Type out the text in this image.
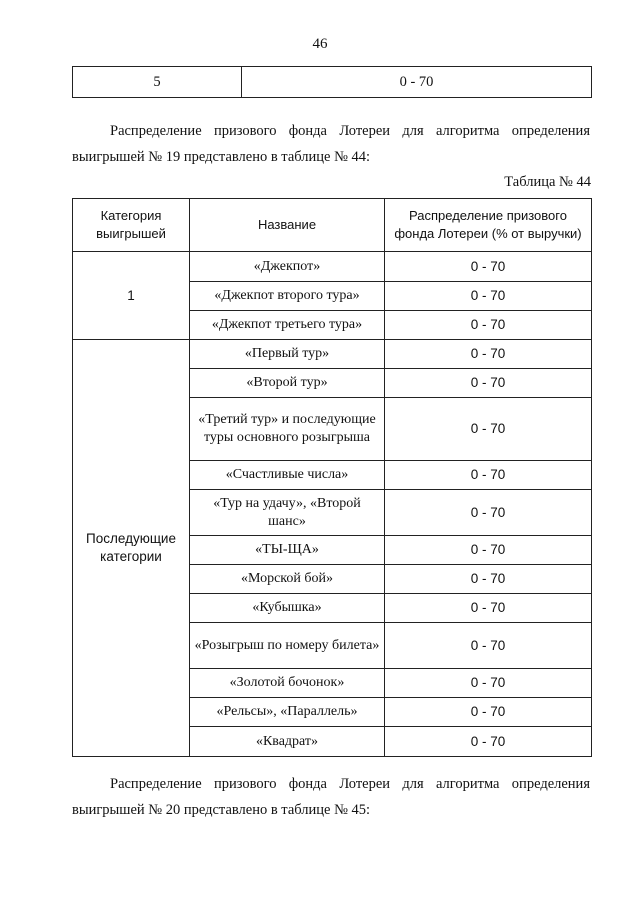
46
5	0 - 70

Распределение призового фонда Лотереи для алгоритма определения
выигрышей № 19 представлено в таблице № 44:

Таблица № 44
Категория выигрышей	Название	Распределение призового фонда Лотереи (% от выручки)
1	«Джекпот»	0 - 70
	«Джекпот второго тура»	0 - 70
	«Джекпот третьего тура»	0 - 70
Последующие категории	«Первый тур»	0 - 70
	«Второй тур»	0 - 70
	«Третий тур» и последующие туры основного розыгрыша	0 - 70
	«Счастливые числа»	0 - 70
	«Тур на удачу», «Второй шанс»	0 - 70
	«ТЫ-ЩА»	0 - 70
	«Морской бой»	0 - 70
	«Кубышка»	0 - 70
	«Розыгрыш по номеру билета»	0 - 70
	«Золотой бочонок»	0 - 70
	«Рельсы», «Параллель»	0 - 70
	«Квадрат»	0 - 70

Распределение призового фонда Лотереи для алгоритма определения
выигрышей № 20 представлено в таблице № 45:
